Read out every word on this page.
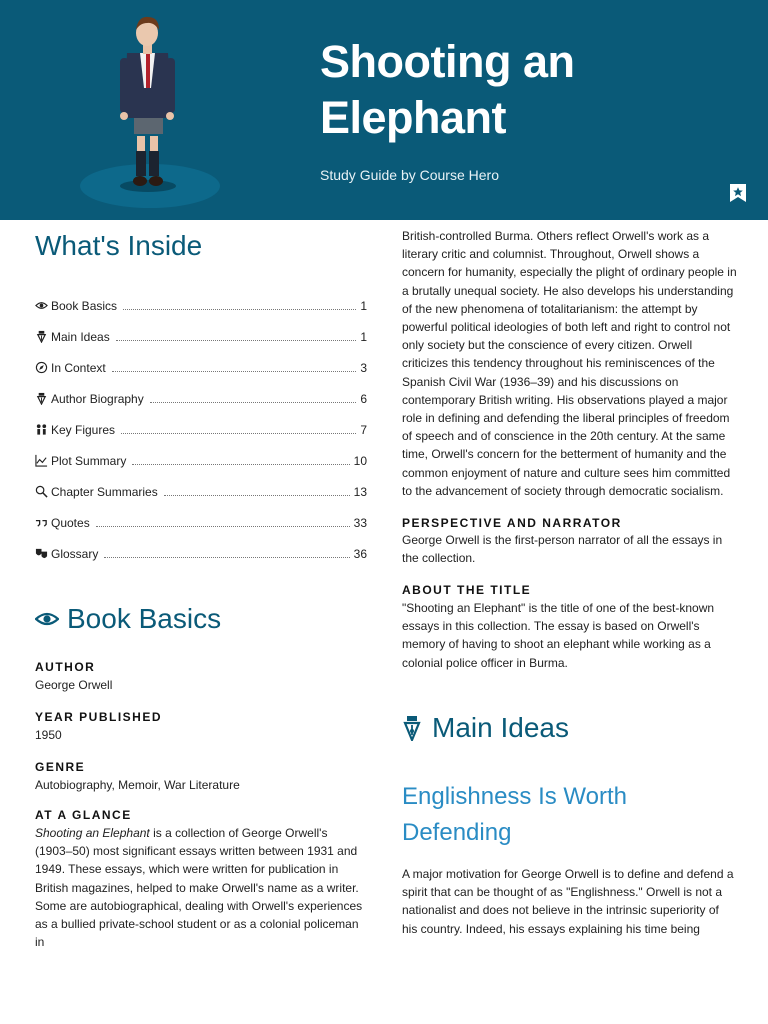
Shooting an Elephant
Study Guide by Course Hero
What's Inside
Book Basics	1
Main Ideas	1
In Context	3
Author Biography	6
Key Figures	7
Plot Summary	10
Chapter Summaries	13
Quotes	33
Glossary	36
Book Basics
AUTHOR
George Orwell
YEAR PUBLISHED
1950
GENRE
Autobiography, Memoir, War Literature
AT A GLANCE

Shooting an Elephant is a collection of George Orwell's (1903–50) most significant essays written between 1931 and 1949. These essays, which were written for publication in British magazines, helped to make Orwell's name as a writer. Some are autobiographical, dealing with Orwell's experiences as a bullied private-school student or as a colonial policeman in

British-controlled Burma. Others reflect Orwell's work as a literary critic and columnist. Throughout, Orwell shows a concern for humanity, especially the plight of ordinary people in a brutally unequal society. He also develops his understanding of the new phenomena of totalitarianism: the attempt by powerful political ideologies of both left and right to control not only society but the conscience of every citizen. Orwell criticizes this tendency throughout his reminiscences of the Spanish Civil War (1936–39) and his discussions on contemporary British writing. His observations played a major role in defining and defending the liberal principles of freedom of speech and of conscience in the 20th century. At the same time, Orwell's concern for the betterment of humanity and the common enjoyment of nature and culture sees him committed to the advancement of society through democratic socialism.

PERSPECTIVE AND NARRATOR

George Orwell is the first-person narrator of all the essays in the collection.

ABOUT THE TITLE

"Shooting an Elephant" is the title of one of the best-known essays in this collection. The essay is based on Orwell's memory of having to shoot an elephant while working as a colonial police officer in Burma.

Main Ideas
Englishness Is Worth Defending

A major motivation for George Orwell is to define and defend a spirit that can be thought of as "Englishness." Orwell is not a nationalist and does not believe in the intrinsic superiority of his country. Indeed, his essays explaining his time being
